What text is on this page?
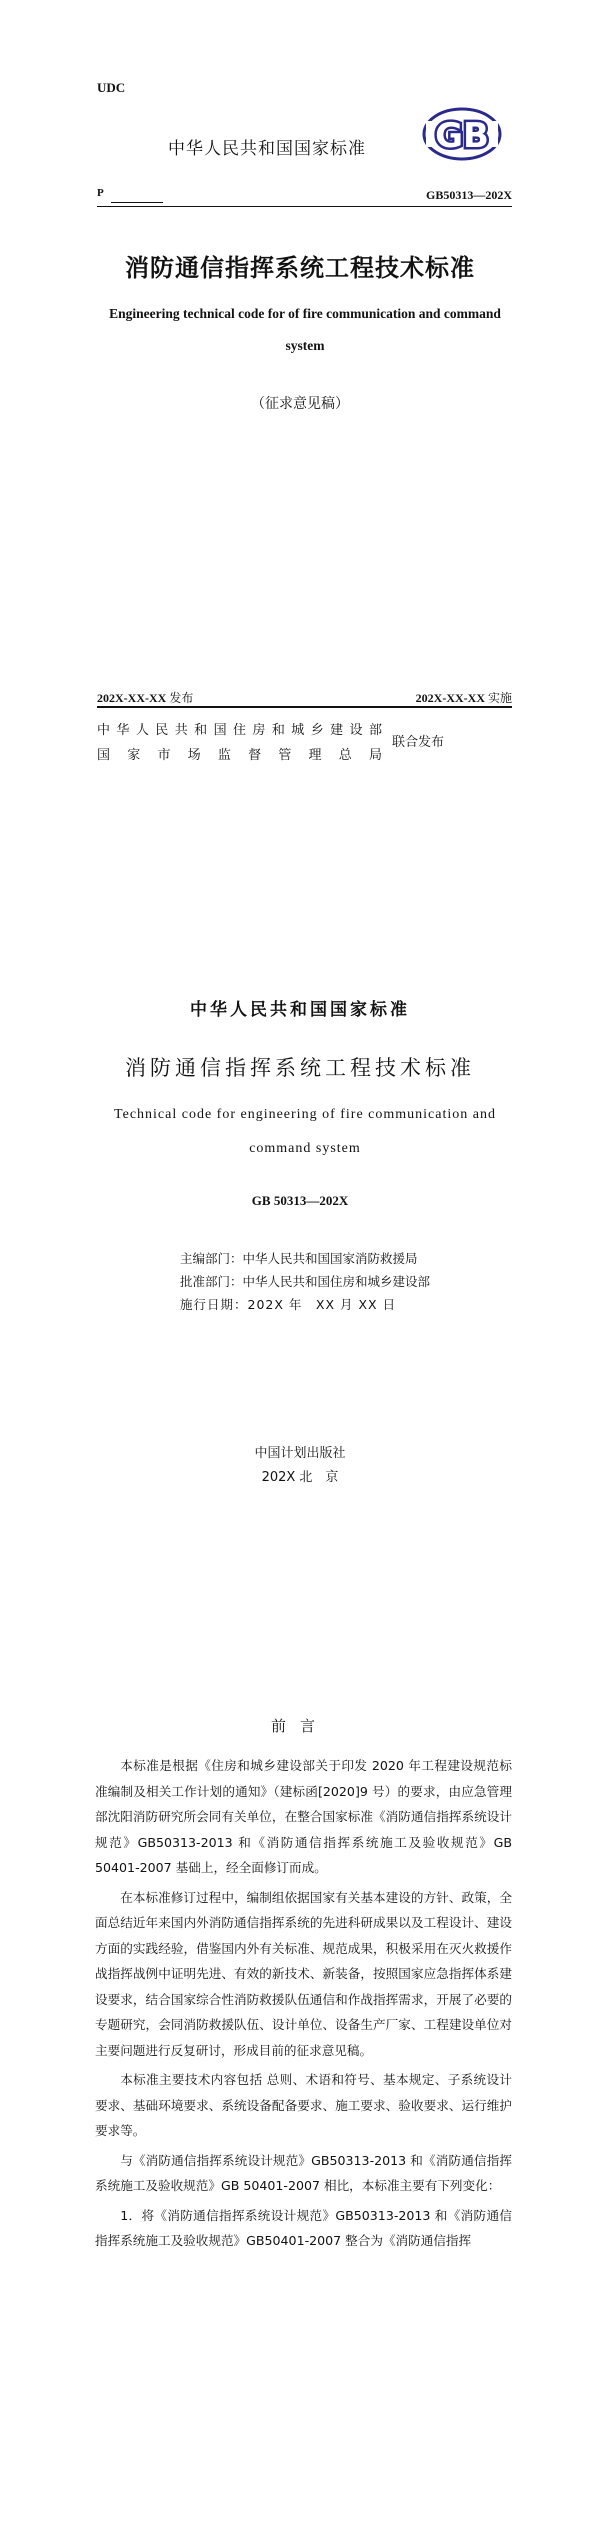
UDC
中华人民共和国国家标准 GB
P	GB50313—202X
消防通信指挥系统工程技术标准
Engineering technical code for of fire communication and command system
（征求意见稿）
202X-XX-XX 发布	202X-XX-XX 实施
中华人民共和国住房和城乡建设部
国家市场监督管理总局
联合发布
中华人民共和国国家标准
消防通信指挥系统工程技术标准
Technical code for engineering of fire communication and command system
GB 50313—202X
主编部门：中华人民共和国国家消防救援局
批准部门：中华人民共和国住房和城乡建设部
施行日期：202X 年　XX 月 XX 日
中国计划出版社
202X 北　京
前言

本标准是根据《住房和城乡建设部关于印发 2020 年工程建设规范标准编制及相关工作计划的通知》（建标函[2020]9 号）的要求，由应急管理部沈阳消防研究所会同有关单位，在整合国家标准《消防通信指挥系统设计规范》GB50313-2013 和《消防通信指挥系统施工及验收规范》GB 50401-2007 基础上，经全面修订而成。

在本标准修订过程中，编制组依据国家有关基本建设的方针、政策，全面总结近年来国内外消防通信指挥系统的先进科研成果以及工程设计、建设方面的实践经验，借鉴国内外有关标准、规范成果，积极采用在灭火救援作战指挥战例中证明先进、有效的新技术、新装备，按照国家应急指挥体系建设要求，结合国家综合性消防救援队伍通信和作战指挥需求，开展了必要的专题研究，会同消防救援队伍、设计单位、设备生产厂家、工程建设单位对主要问题进行反复研讨，形成目前的征求意见稿。

本标准主要技术内容包括 总则、术语和符号、基本规定、子系统设计要求、基础环境要求、系统设备配备要求、施工要求、验收要求、运行维护要求等。

与《消防通信指挥系统设计规范》GB50313-2013 和《消防通信指挥系统施工及验收规范》GB 50401-2007 相比，本标准主要有下列变化：

1．将《消防通信指挥系统设计规范》GB50313-2013 和《消防通信指挥系统施工及验收规范》GB50401-2007 整合为《消防通信指挥
